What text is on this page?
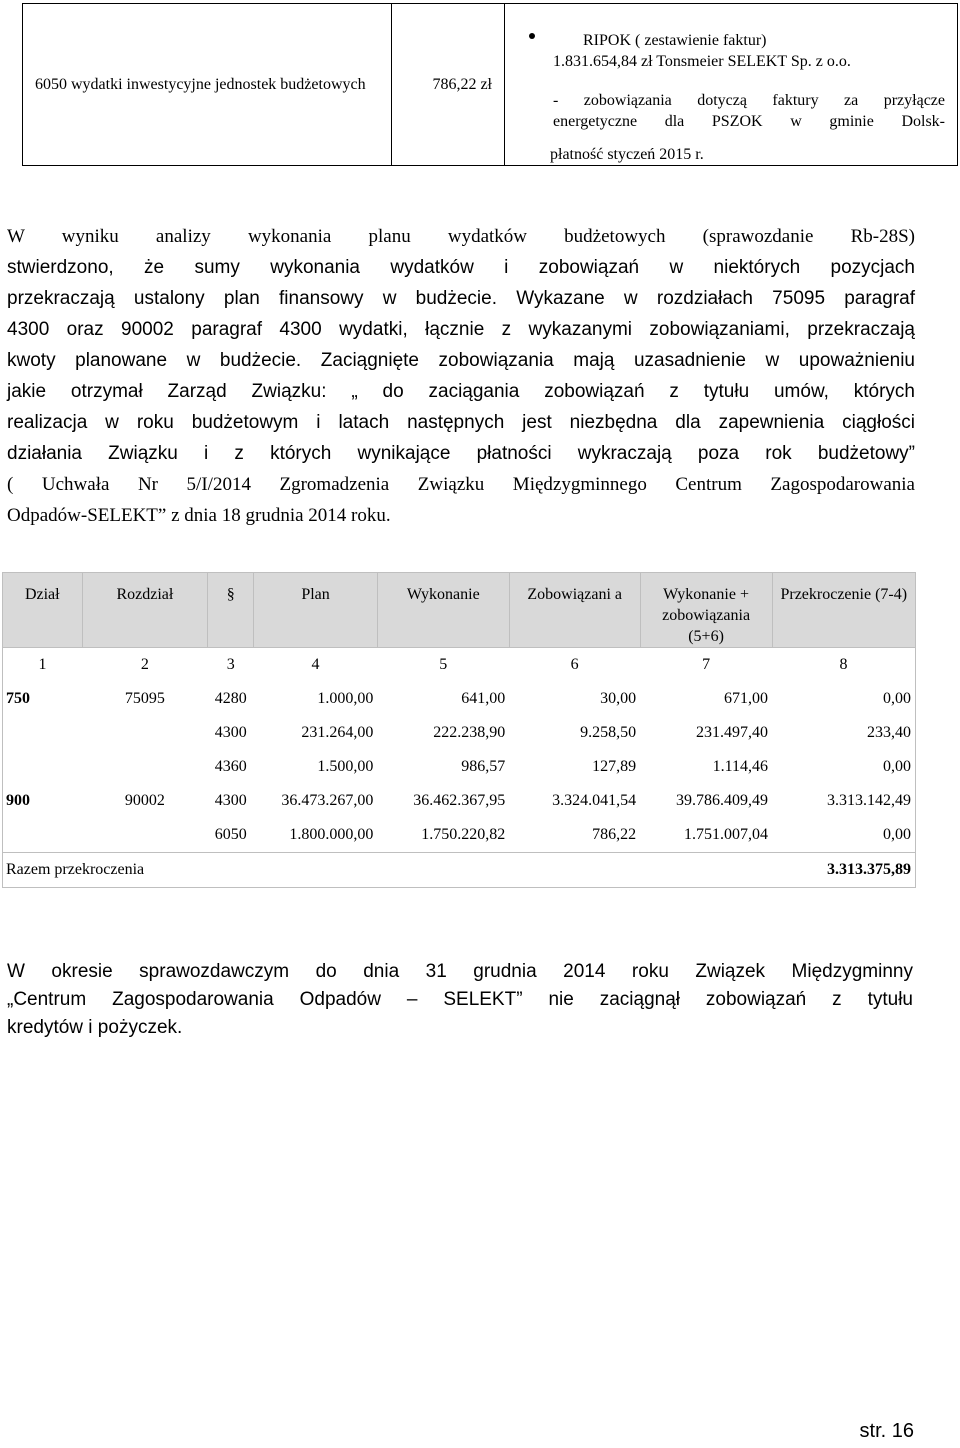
6050 wydatki inwestycyjne jednostek budżetowych	786,22 zł

RIPOK ( zestawienie faktur)
1.831.654,84 zł Tonsmeier SELEKT Sp. z o.o.
- zobowiązania dotyczą faktury za przyłącze
energetyczne dla PSZOK w gminie Dolsk-
płatność styczeń 2015 r.
W wyniku analizy wykonania planu wydatków budżetowych (sprawozdanie Rb-28S)
stwierdzono, że sumy wykonania wydatków i zobowiązań w niektórych pozycjach
przekraczają ustalony plan finansowy w budżecie. Wykazane w rozdziałach 75095 paragraf
4300 oraz 90002 paragraf 4300 wydatki, łącznie z wykazanymi zobowiązaniami, przekraczają
kwoty planowane w budżecie. Zaciągnięte zobowiązania mają uzasadnienie w upoważnieniu
jakie otrzymał Zarząd Związku: „ do zaciągania zobowiązań z tytułu umów, których
realizacja w roku budżetowym i latach następnych jest niezbędna dla zapewnienia ciągłości
działania Związku i z których wynikające płatności wykraczają poza rok budżetowy”
( Uchwała Nr 5/I/2014 Zgromadzenia Związku Międzygminnego Centrum Zagospodarowania
Odpadów-SELEKT” z dnia 18 grudnia 2014 roku.
Dział	Rozdział	§	Plan	Wykonanie	Zobowiązani a	Wykonanie + zobowiązania (5+6)	Przekroczenie (7-4)
1	2	3	4	5	6	7	8
750	75095	4280	1.000,00	641,00	30,00	671,00	0,00
		4300	231.264,00	222.238,90	9.258,50	231.497,40	233,40
		4360	1.500,00	986,57	127,89	1.114,46	0,00
900	90002	4300	36.473.267,00	36.462.367,95	3.324.041,54	39.786.409,49	3.313.142,49
		6050	1.800.000,00	1.750.220,82	786,22	1.751.007,04	0,00
Razem przekroczenia							3.313.375,89
W okresie sprawozdawczym do dnia 31 grudnia 2014 roku Związek Międzygminny
„Centrum Zagospodarowania Odpadów – SELEKT” nie zaciągnął zobowiązań z tytułu
kredytów i pożyczek.
str. 16
